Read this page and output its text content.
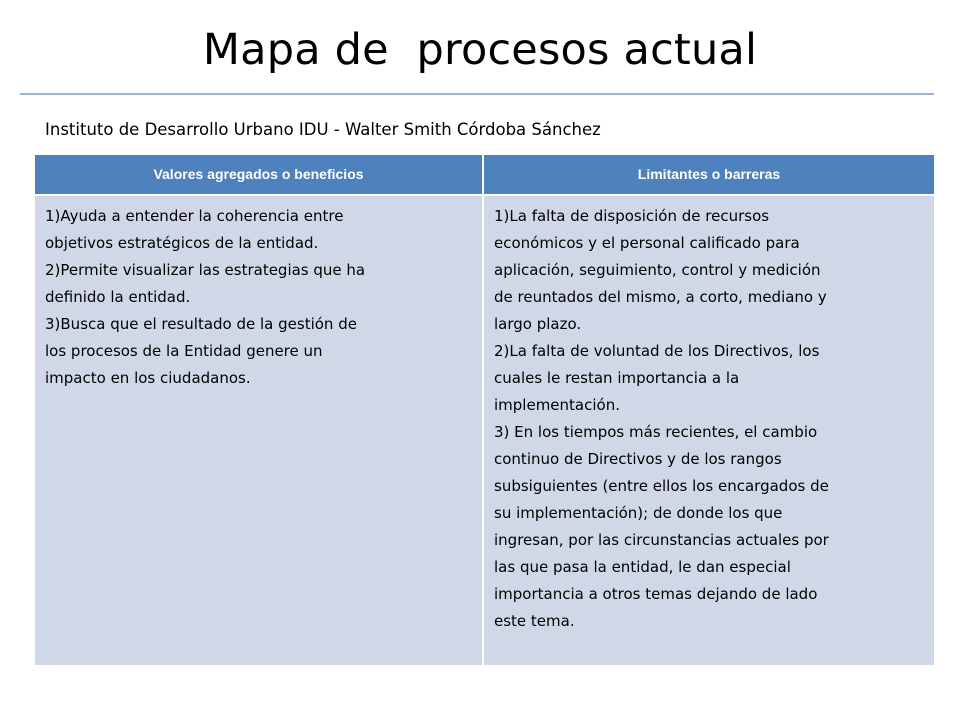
Mapa de  procesos actual
Instituto de Desarrollo Urbano IDU - Walter Smith Córdoba Sánchez
Valores agregados o beneficios	Limitantes o barreras
1)Ayuda a entender la coherencia entre
objetivos estratégicos de la entidad.
2)Permite visualizar las estrategias que ha
definido la entidad.
3)Busca que el resultado de la gestión de
los procesos de la Entidad genere un
impacto en los ciudadanos.
1)La falta de disposición de recursos
económicos y el personal calificado para
aplicación, seguimiento, control y medición
de reuntados del mismo, a corto, mediano y
largo plazo.
2)La falta de voluntad de los Directivos, los
cuales le restan importancia a la
implementación.
3) En los tiempos más recientes, el cambio
continuo de Directivos y de los rangos
subsiguientes (entre ellos los encargados de
su implementación); de donde los que
ingresan, por las circunstancias actuales por
las que pasa la entidad, le dan especial
importancia a otros temas dejando de lado
este tema.
